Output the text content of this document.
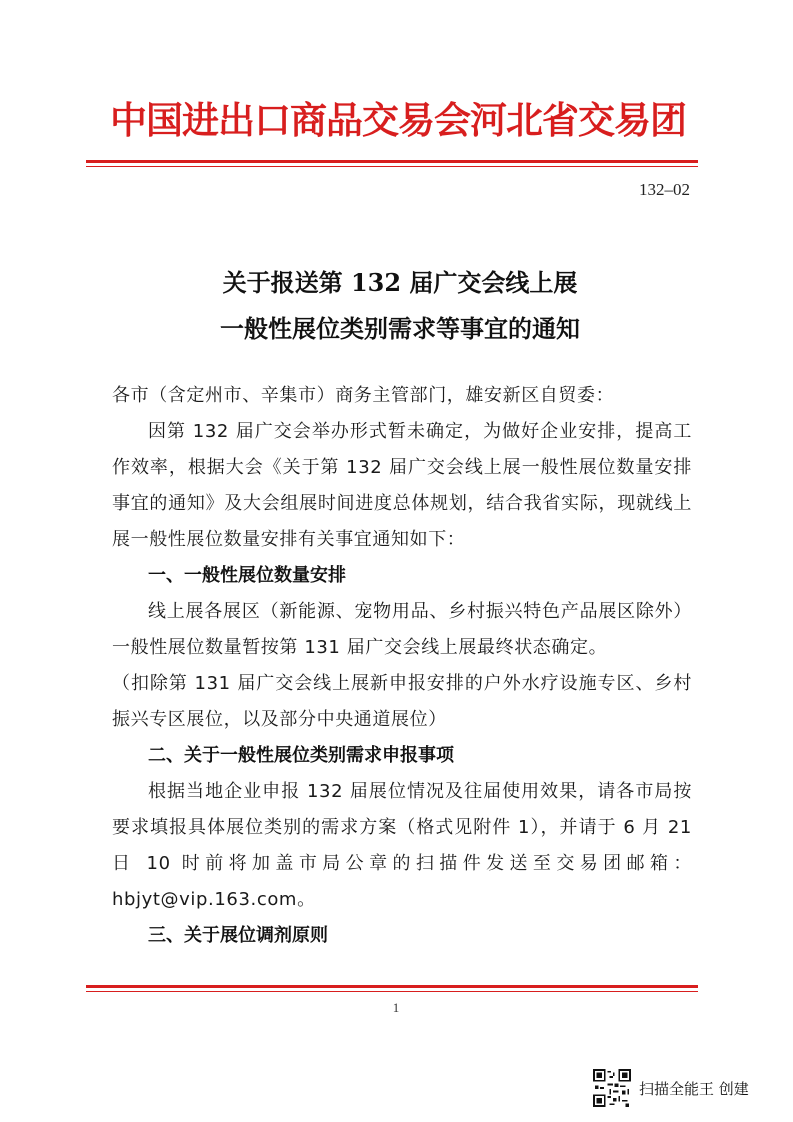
中国进出口商品交易会河北省交易团
132–02
关于报送第 132 届广交会线上展
一般性展位类别需求等事宜的通知

各市（含定州市、辛集市）商务主管部门，雄安新区自贸委：

因第 132 届广交会举办形式暂未确定，为做好企业安排，提高工作效率，根据大会《关于第 132 届广交会线上展一般性展位数量安排事宜的通知》及大会组展时间进度总体规划，结合我省实际，现就线上展一般性展位数量安排有关事宜通知如下：

一、一般性展位数量安排

线上展各展区（新能源、宠物用品、乡村振兴特色产品展区除外）一般性展位数量暂按第 131 届广交会线上展最终状态确定。

（扣除第 131 届广交会线上展新申报安排的户外水疗设施专区、乡村振兴专区展位，以及部分中央通道展位）

二、关于一般性展位类别需求申报事项

根据当地企业申报 132 届展位情况及往届使用效果，请各市局按要求填报具体展位类别的需求方案（格式见附件 1），并请于 6 月 21 日 10 时前将加盖市局公章的扫描件发送至交易团邮箱：hbjyt@vip.163.com。

三、关于展位调剂原则

1
扫描全能王 创建
